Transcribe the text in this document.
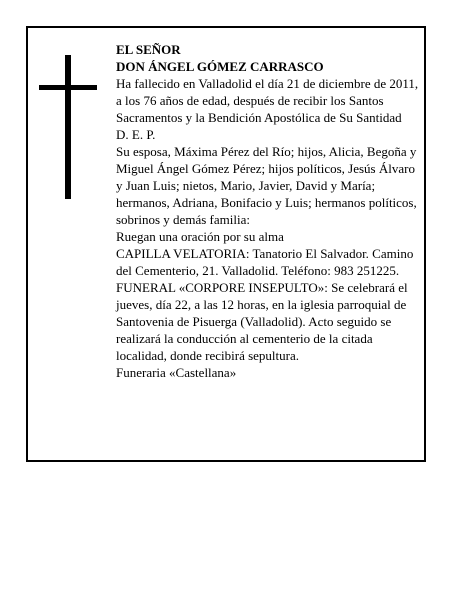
EL SEÑOR

DON ÁNGEL GÓMEZ CARRASCO

Ha fallecido en Valladolid el día 21 de diciembre de 2011, a los 76 años de edad, después de recibir los Santos Sacramentos y la Bendición Apostólica de Su Santidad

D. E. P.

Su esposa, Máxima Pérez del Río; hijos, Alicia, Begoña y Miguel Ángel Gómez Pérez; hijos políticos, Jesús Álvaro y Juan Luis; nietos, Mario, Javier, David y María; hermanos, Adriana, Bonifacio y Luis; hermanos políticos, sobrinos y demás familia:

Ruegan una oración por su alma

CAPILLA VELATORIA: Tanatorio El Salvador. Camino del Cementerio, 21. Valladolid. Teléfono: 983 251225.

FUNERAL «CORPORE INSEPULTO»: Se celebrará el jueves, día 22, a las 12 horas, en la iglesia parroquial de Santovenia de Pisuerga (Valladolid). Acto seguido se realizará la conducción al cementerio de la citada localidad, donde recibirá sepultura.

Funeraria «Castellana»
